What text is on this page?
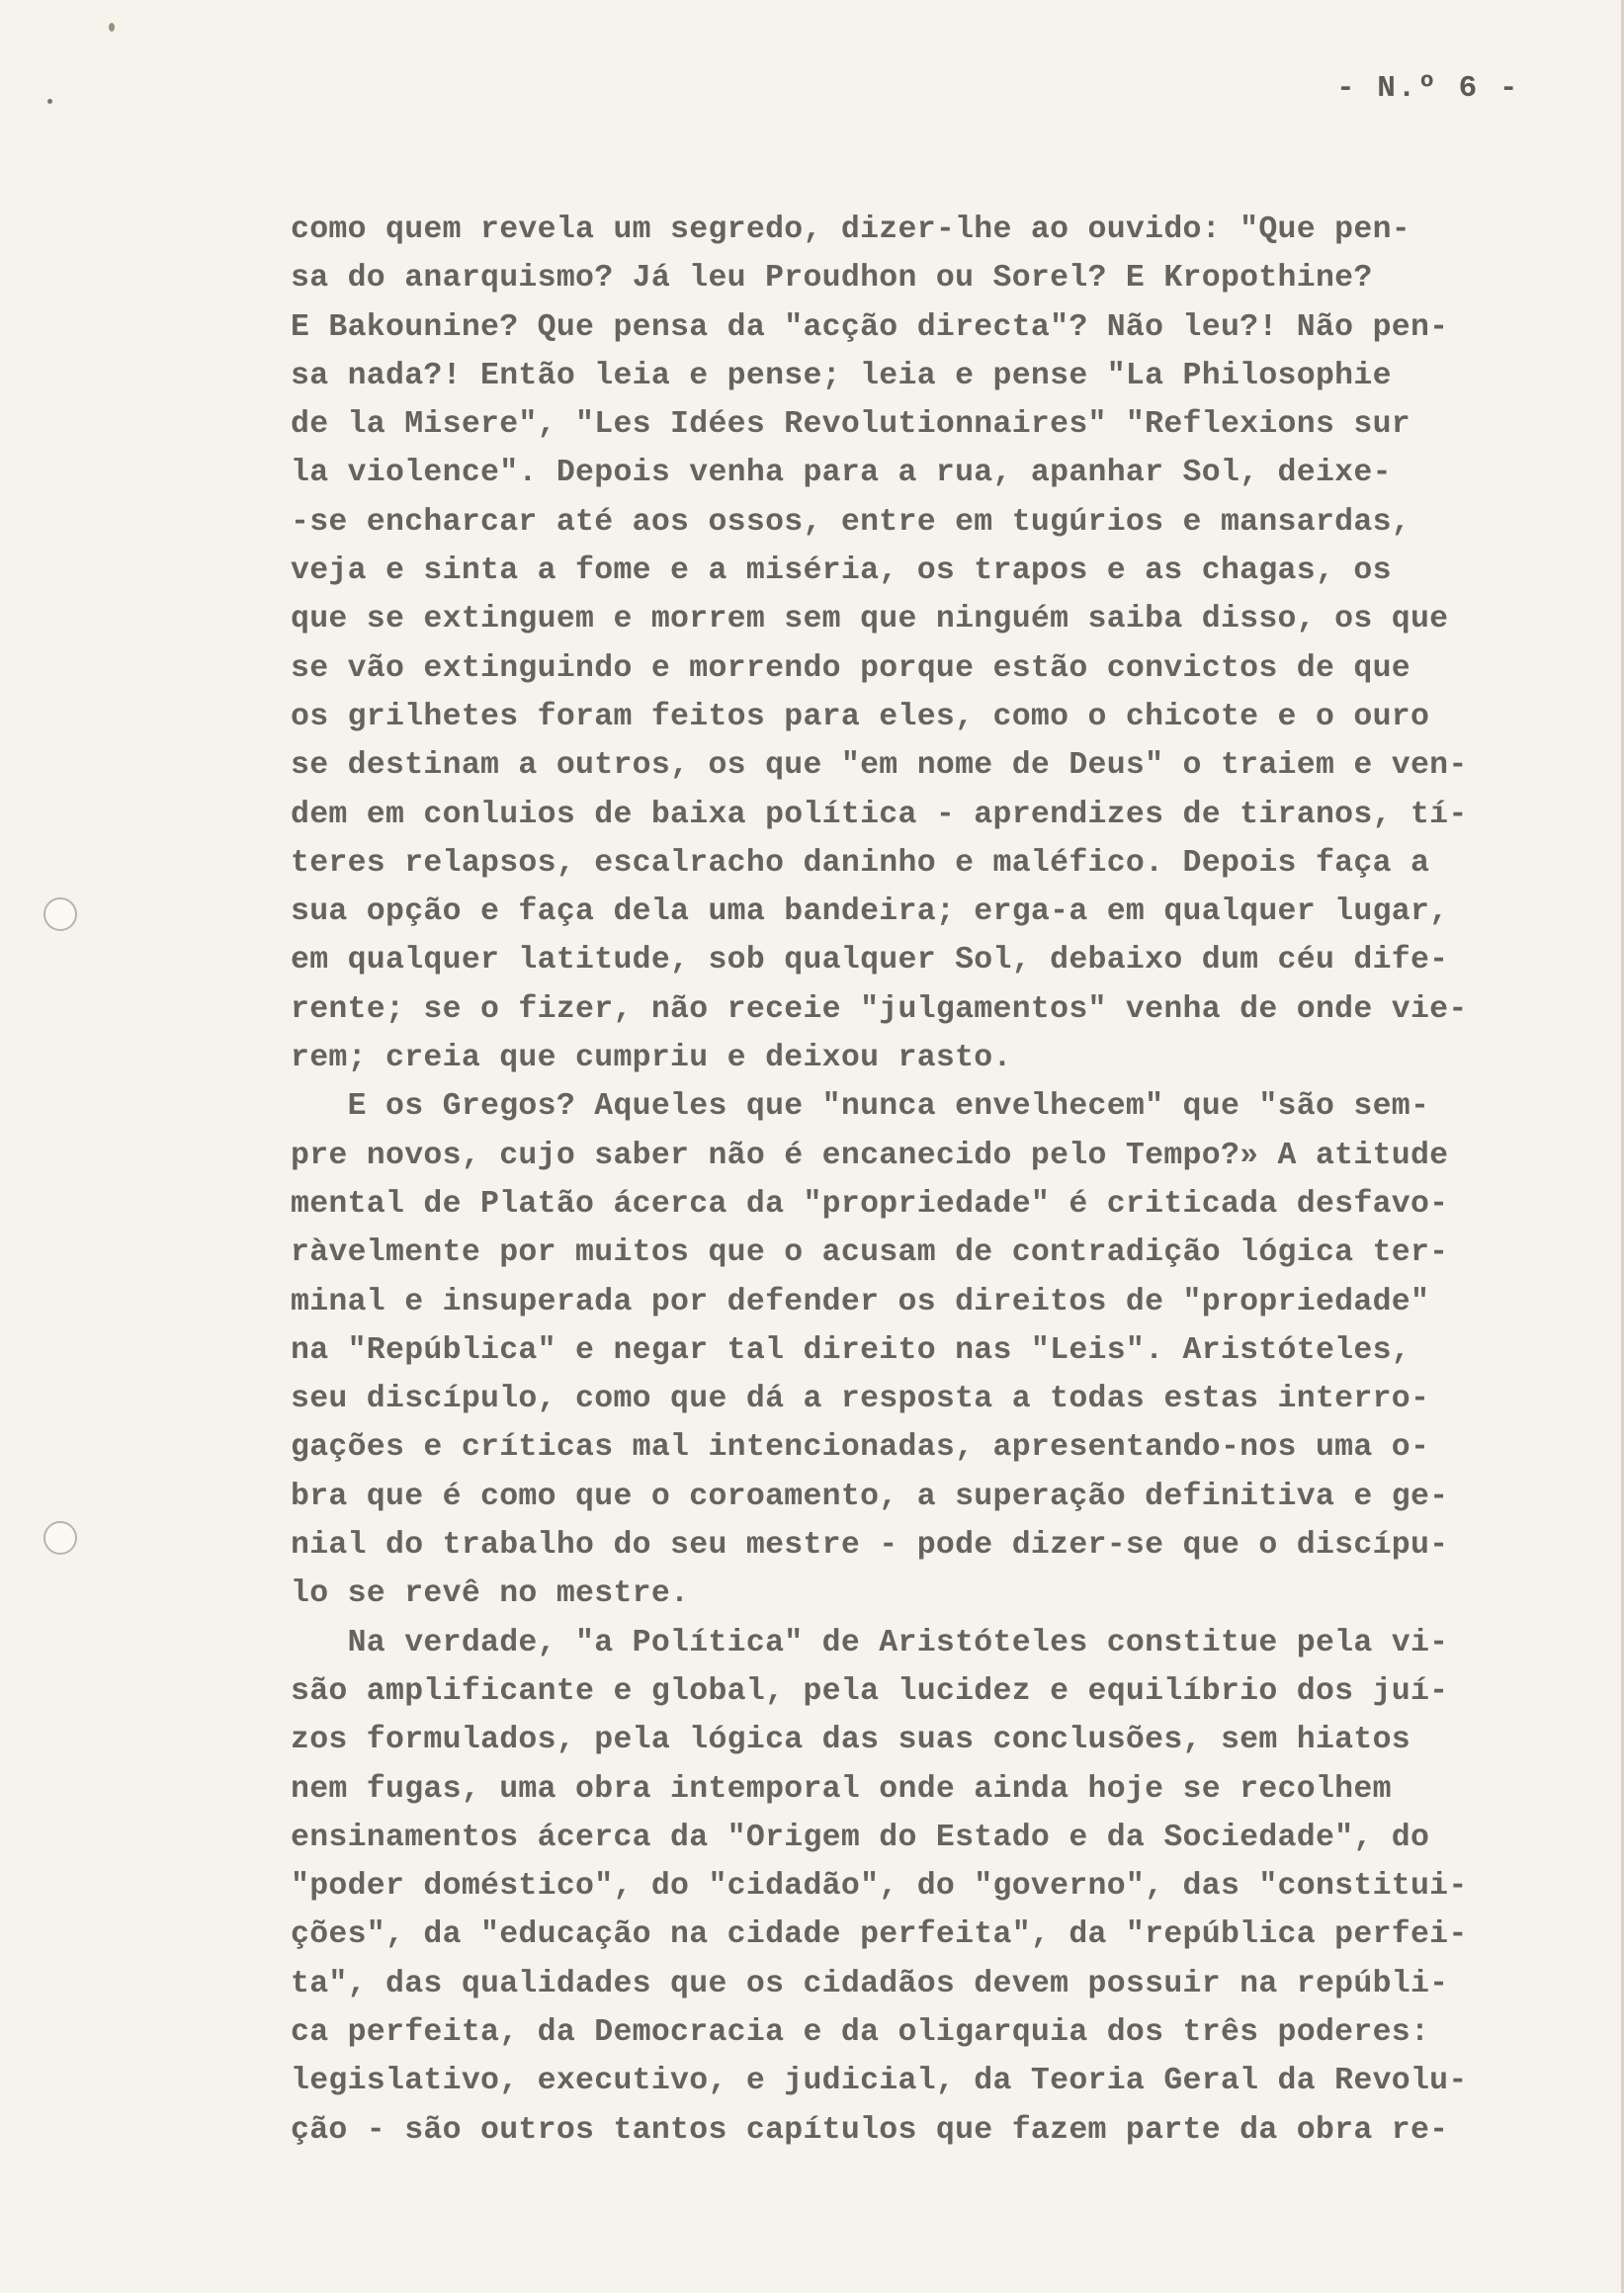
- N.º 6 -
como quem revela um segredo, dizer-lhe ao ouvido: "Que pen-
sa do anarquismo? Já leu Proudhon ou Sorel? E Kropothine?
E Bakounine? Que pensa da "acção directa"? Não leu?! Não pen-
sa nada?! Então leia e pense; leia e pense "La Philosophie
de la Misere", "Les Idées Revolutionnaires" "Reflexions sur
la violence". Depois venha para a rua, apanhar Sol, deixe-
-se encharcar até aos ossos, entre em tugúrios e mansardas,
veja e sinta a fome e a miséria, os trapos e as chagas, os
que se extinguem e morrem sem que ninguém saiba disso, os que
se vão extinguindo e morrendo porque estão convictos de que
os grilhetes foram feitos para eles, como o chicote e o ouro
se destinam a outros, os que "em nome de Deus" o traiem e ven-
dem em conluios de baixa política - aprendizes de tiranos, tí-
teres relapsos, escalracho daninho e maléfico. Depois faça a
sua opção e faça dela uma bandeira; erga-a em qualquer lugar,
em qualquer latitude, sob qualquer Sol, debaixo dum céu dife-
rente; se o fizer, não receie "julgamentos" venha de onde vie-
rem; creia que cumpriu e deixou rasto.
E os Gregos? Aqueles que "nunca envelhecem" que "são sem-
pre novos, cujo saber não é encanecido pelo Tempo?» A atitude
mental de Platão ácerca da "propriedade" é criticada desfavo-
ràvelmente por muitos que o acusam de contradição lógica ter-
minal e insuperada por defender os direitos de "propriedade"
na "República" e negar tal direito nas "Leis". Aristóteles,
seu discípulo, como que dá a resposta a todas estas interro-
gações e críticas mal intencionadas, apresentando-nos uma o-
bra que é como que o coroamento, a superação definitiva e ge-
nial do trabalho do seu mestre - pode dizer-se que o discípu-
lo se revê no mestre.
Na verdade, "a Política" de Aristóteles constitue pela vi-
são amplificante e global, pela lucidez e equilíbrio dos juí-
zos formulados, pela lógica das suas conclusões, sem hiatos
nem fugas, uma obra intemporal onde ainda hoje se recolhem
ensinamentos ácerca da "Origem do Estado e da Sociedade", do
"poder doméstico", do "cidadão", do "governo", das "constitui-
ções", da "educação na cidade perfeita", da "república perfei-
ta", das qualidades que os cidadãos devem possuir na repúbli-
ca perfeita, da Democracia e da oligarquia dos três poderes:
legislativo, executivo, e judicial, da Teoria Geral da Revolu-
ção - são outros tantos capítulos que fazem parte da obra re-
